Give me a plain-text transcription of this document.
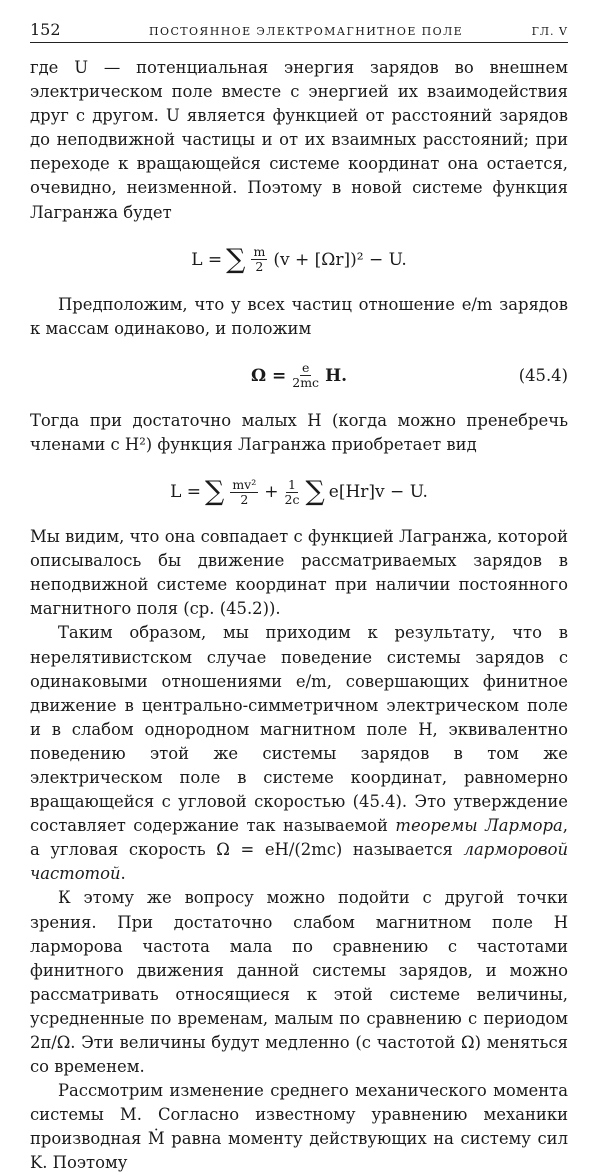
152	ПОСТОЯННОЕ ЭЛЕКТРОМАГНИТНОЕ ПОЛЕ	ГЛ. V

где U — потенциальная энергия зарядов во внешнем электрическом поле вместе с энергией их взаимодействия друг с другом. U является функцией от расстояний зарядов до неподвижной частицы и от их взаимных расстояний; при переходе к вращающейся системе координат она остается, очевидно, неизменной. Поэтому в новой системе функция Лагранжа будет

L = ∑ $\frac{m}{2} (v + [\Omega r])^2 - U$.

Предположим, что у всех частиц отношение e/m зарядов к массам одинаково, и положим

$\Omega = \frac{e}{2mc} H$.	(45.4)

Тогда при достаточно малых H (когда можно пренебречь членами с H²) функция Лагранжа приобретает вид

L = ∑ $\frac{\text{mv²}}{2} + \frac{1}{2c}$ ∑ e[Hr]v − U.

Мы видим, что она совпадает с функцией Лагранжа, которой описывалось бы движение рассматриваемых зарядов в неподвижной системе координат при наличии постоянного магнитного поля (ср. (45.2)).

Таким образом, мы приходим к результату, что в нерелятивистском случае поведение системы зарядов с одинаковыми отношениями e/m, совершающих финитное движение в центрально-симметричном электрическом поле и в слабом однородном магнитном поле H, эквивалентно поведению этой же системы зарядов в том же электрическом поле в системе координат, равномерно вращающейся с угловой скоростью (45.4). Это утверждение составляет содержание так называемой теоремы Лармора, а угловая скорость Ω = eH/(2mc) называется ларморовой частотой.

К этому же вопросу можно подойти с другой точки зрения. При достаточно слабом магнитном поле H ларморова частота мала по сравнению с частотами финитного движения данной системы зарядов, и можно рассматривать относящиеся к этой системе величины, усредненные по временам, малым по сравнению с периодом 2π/Ω. Эти величины будут медленно (с частотой Ω) меняться со временем.

Рассмотрим изменение среднего механического момента системы M. Согласно известному уравнению механики производная Ṁ равна моменту действующих на систему сил K. Поэтому
